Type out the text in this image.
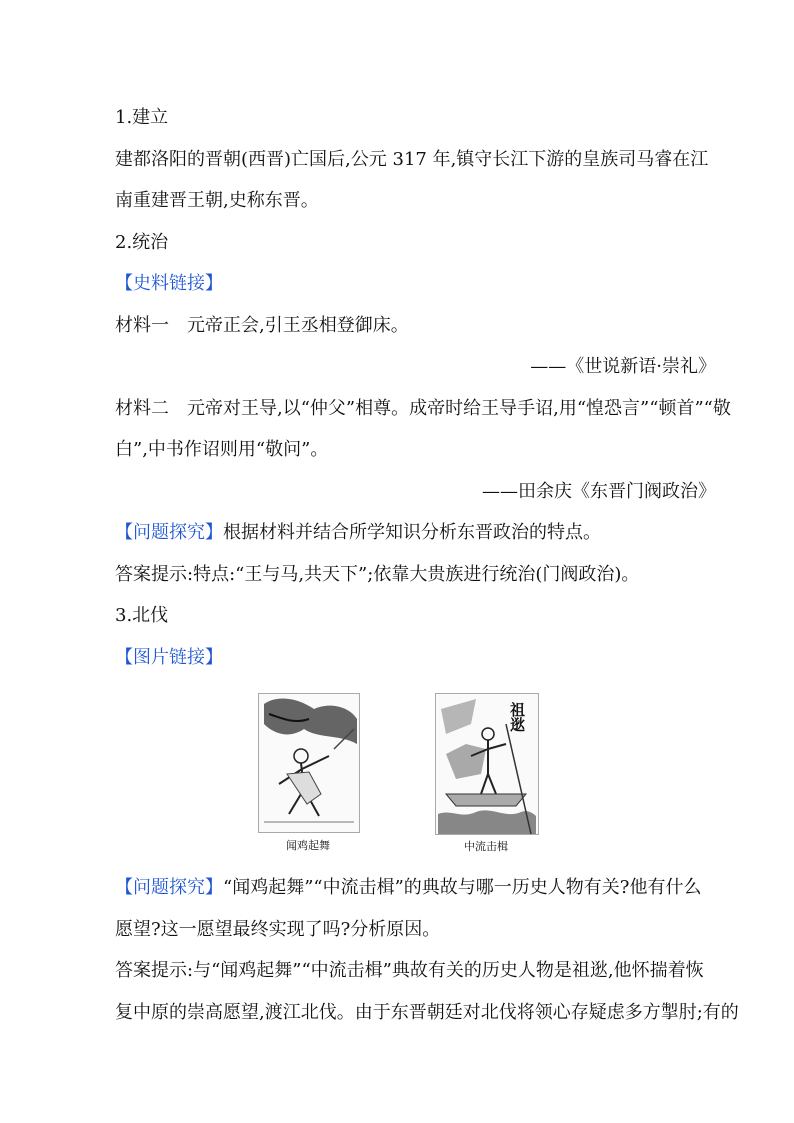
1.建立
建都洛阳的晋朝(西晋)亡国后,公元 317 年,镇守长江下游的皇族司马睿在江
南重建晋王朝,史称东晋。
2.统治
【史料链接】
材料一　元帝正会,引王丞相登御床。
——《世说新语·崇礼》
材料二　元帝对王导,以“仲父”相尊。成帝时给王导手诏,用“惶恐言”“顿首”“敬
白”,中书作诏则用“敬问”。
——田余庆《东晋门阀政治》
【问题探究】根据材料并结合所学知识分析东晋政治的特点。
答案提示:特点:“王与马,共天下”;依靠大贵族进行统治(门阀政治)。
3.北伐
【图片链接】
闻鸡起舞
祖逖
中流击楫
【问题探究】“闻鸡起舞”“中流击楫”的典故与哪一历史人物有关?他有什么
愿望?这一愿望最终实现了吗?分析原因。
答案提示:与“闻鸡起舞”“中流击楫”典故有关的历史人物是祖逖,他怀揣着恢
复中原的崇高愿望,渡江北伐。由于东晋朝廷对北伐将领心存疑虑多方掣肘;有的
